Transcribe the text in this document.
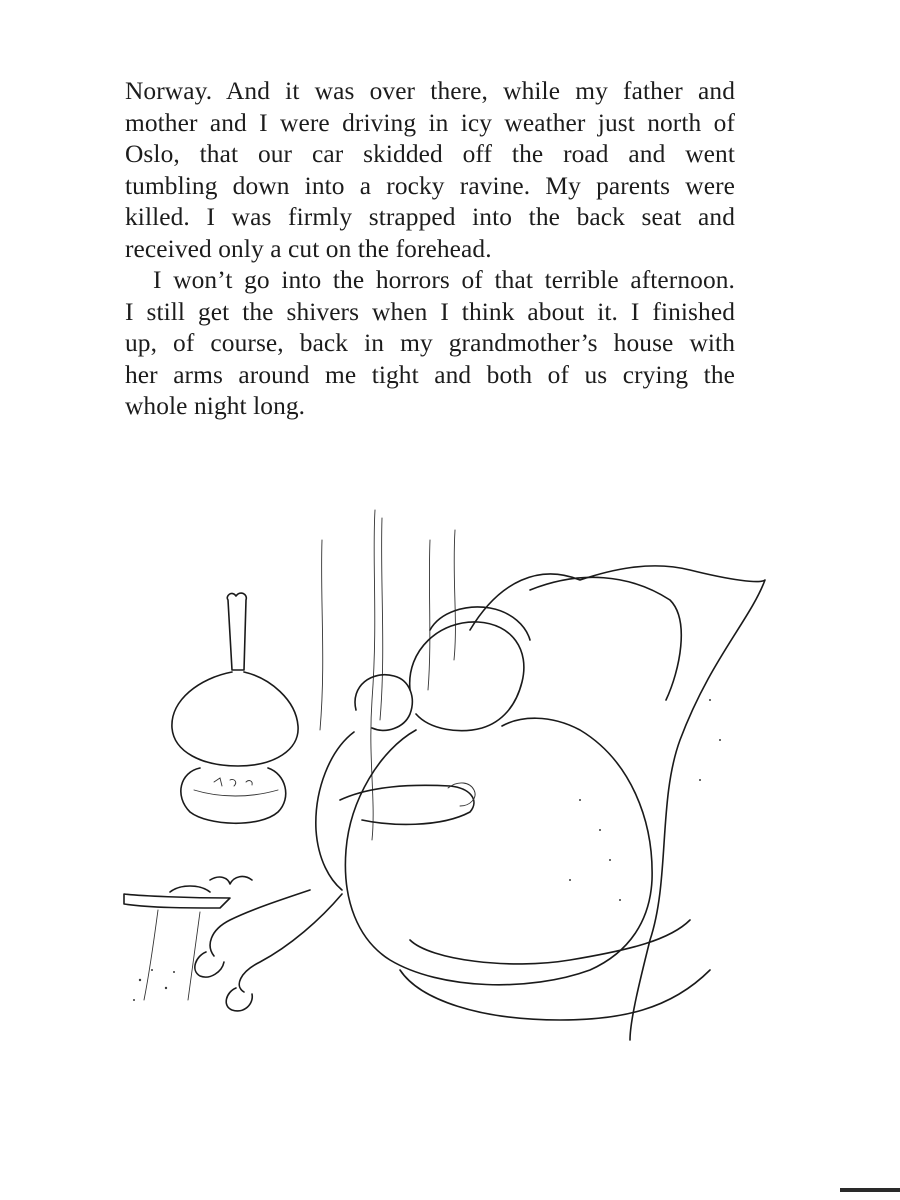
Norway. And it was over there, while my father and
mother and I were driving in icy weather just north of
Oslo, that our car skidded off the road and went
tumbling down into a rocky ravine. My parents were
killed. I was firmly strapped into the back seat and
received only a cut on the forehead.
I won’t go into the horrors of that terrible afternoon.
I still get the shivers when I think about it. I finished
up, of course, back in my grandmother’s house with
her arms around me tight and both of us crying the
whole night long.
